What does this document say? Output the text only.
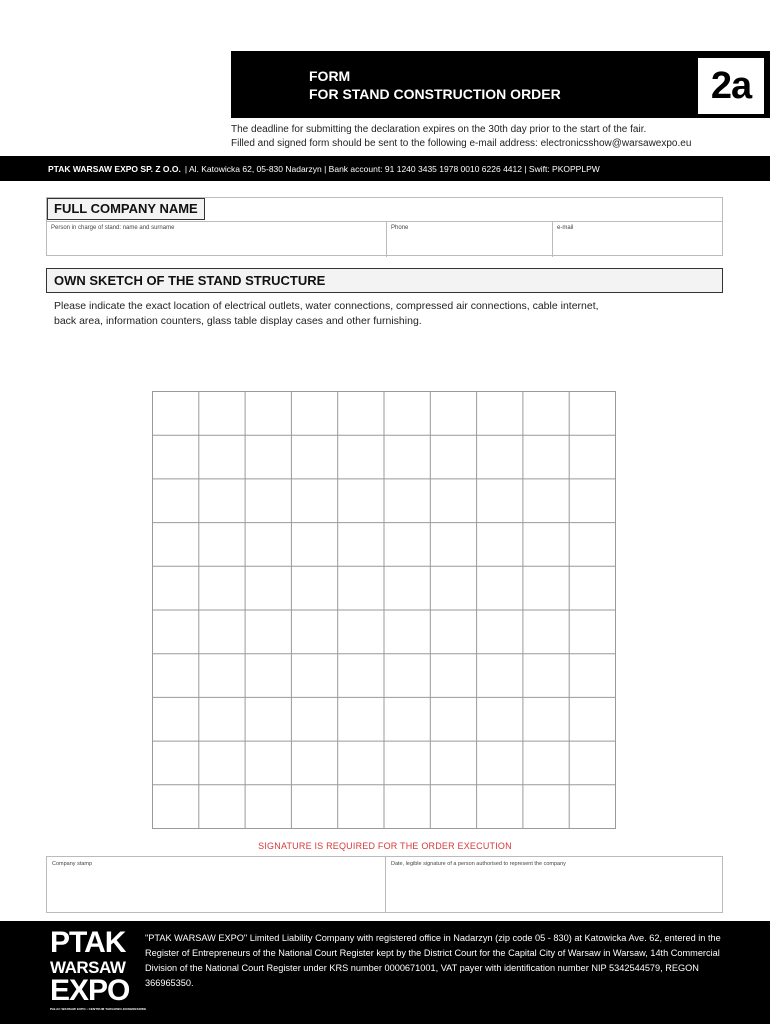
FORM
FOR STAND CONSTRUCTION ORDER	2a
The deadline for submitting the declaration expires on the 30th day prior to the start of the fair.
Filled and signed form should be sent to the following e-mail address: electronicsshow@warsawexpo.eu
PTAK WARSAW EXPO SP. Z O.O. | Al. Katowicka 62, 05-830 Nadarzyn | Bank account: 91 1240 3435 1978 0010 6226 4412 | Swift: PKOPPLPW
FULL COMPANY NAME
Person in charge of stand: name and surname	Phone	e-mail
OWN SKETCH OF THE STAND STRUCTURE
Please indicate the exact location of electrical outlets, water connections, compressed air connections, cable internet,
back area, information counters, glass table display cases and other furnishing.
SIGNATURE IS REQUIRED FOR THE ORDER EXECUTION
Company stamp	Date, legible signature of a person authorised to represent the company
PTAK
WARSAW
EXPO
PAŁAC WARSAW EXPO • CENTRUM TARGOWO-KONGRESOWE
"PTAK WARSAW EXPO" Limited Liability Company with registered office in Nadarzyn (zip code 05 - 830) at Katowicka Ave. 62, entered in the Register of Entrepreneurs of the National Court Register kept by the District Court for the Capital City of Warsaw in Warsaw, 14th Commercial Division of the National Court Register under KRS number 0000671001, VAT payer with identification number NIP 5342544579, REGON 366965350.
